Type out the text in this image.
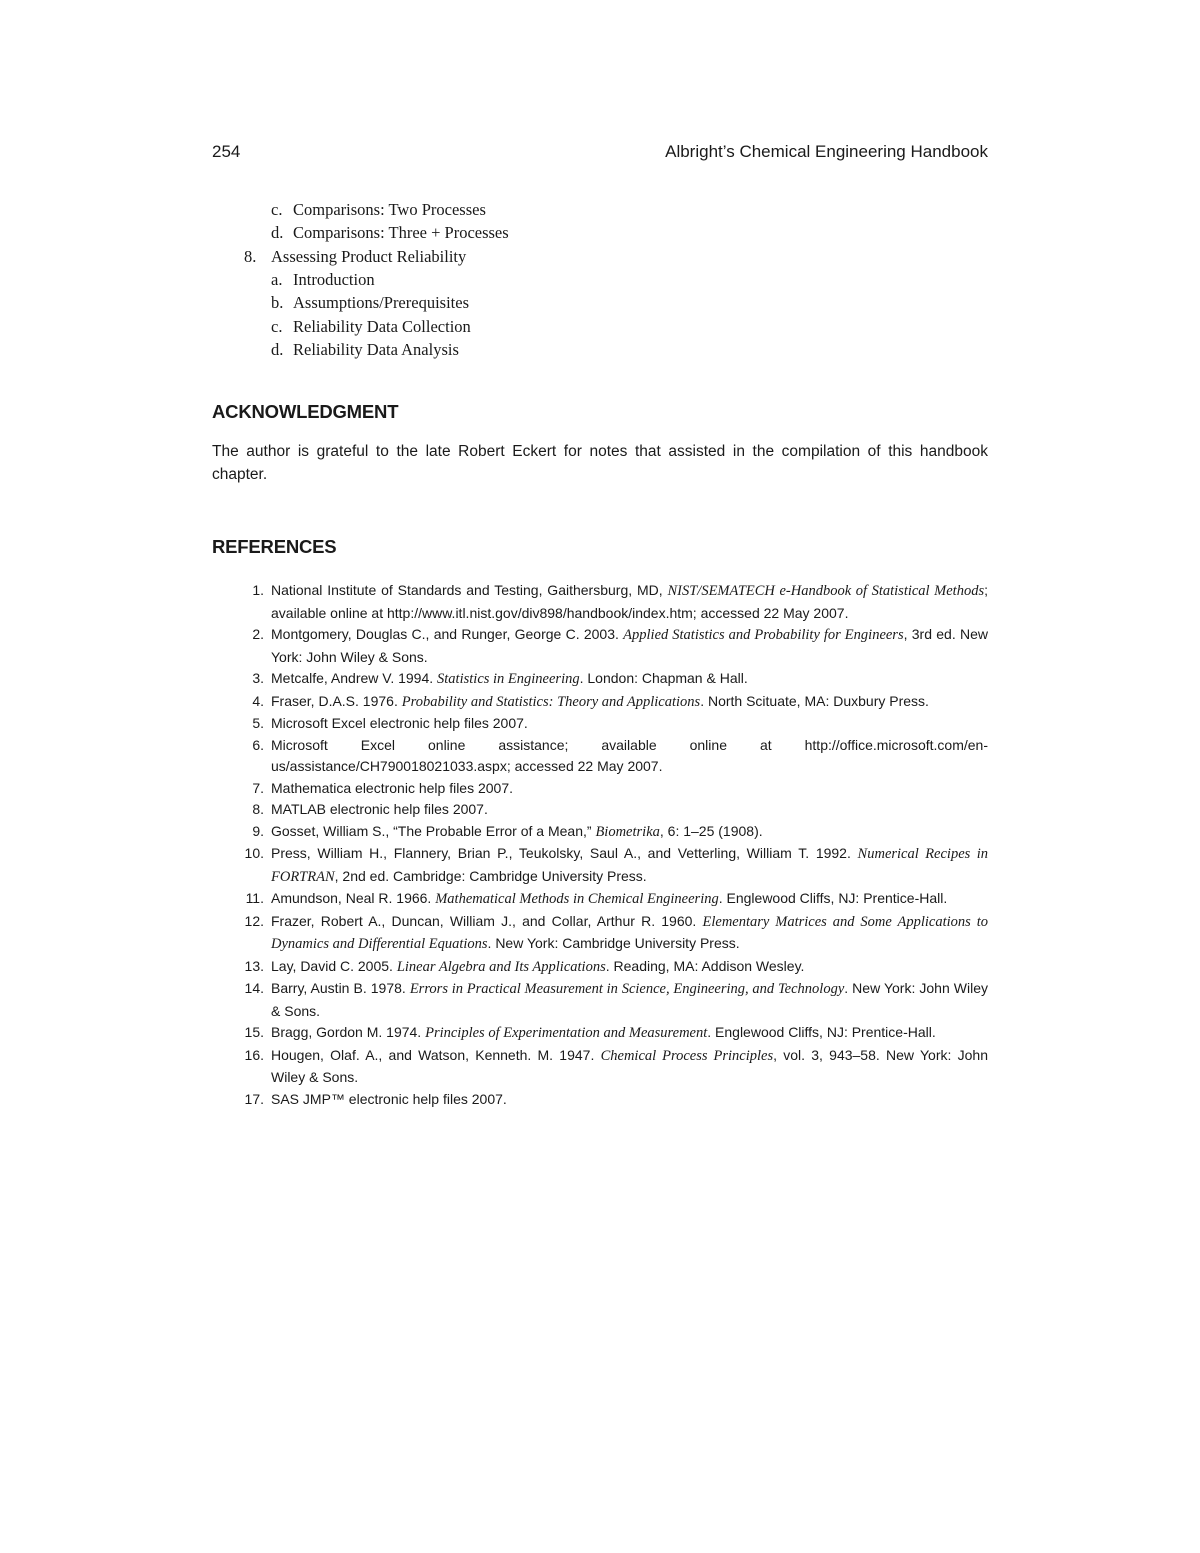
254	Albright’s Chemical Engineering Handbook
c. Comparisons: Two Processes
d. Comparisons: Three + Processes
8. Assessing Product Reliability
a. Introduction
b. Assumptions/Prerequisites
c. Reliability Data Collection
d. Reliability Data Analysis
ACKNOWLEDGMENT

The author is grateful to the late Robert Eckert for notes that assisted in the compilation of this handbook chapter.

REFERENCES
1. National Institute of Standards and Testing, Gaithersburg, MD, NIST/SEMATECH e-Handbook of Statistical Methods; available online at http://www.itl.nist.gov/div898/handbook/index.htm; accessed 22 May 2007.
2. Montgomery, Douglas C., and Runger, George C. 2003. Applied Statistics and Probability for Engineers, 3rd ed. New York: John Wiley & Sons.
3. Metcalfe, Andrew V. 1994. Statistics in Engineering. London: Chapman & Hall.
4. Fraser, D.A.S. 1976. Probability and Statistics: Theory and Applications. North Scituate, MA: Duxbury Press.
5. Microsoft Excel electronic help files 2007.
6. Microsoft Excel online assistance; available online at http://office.microsoft.com/en-us/assistance/CH790018021033.aspx; accessed 22 May 2007.
7. Mathematica electronic help files 2007.
8. MATLAB electronic help files 2007.
9. Gosset, William S., “The Probable Error of a Mean,” Biometrika, 6: 1–25 (1908).
10. Press, William H., Flannery, Brian P., Teukolsky, Saul A., and Vetterling, William T. 1992. Numerical Recipes in FORTRAN, 2nd ed. Cambridge: Cambridge University Press.
11. Amundson, Neal R. 1966. Mathematical Methods in Chemical Engineering. Englewood Cliffs, NJ: Prentice-Hall.
12. Frazer, Robert A., Duncan, William J., and Collar, Arthur R. 1960. Elementary Matrices and Some Applications to Dynamics and Differential Equations. New York: Cambridge University Press.
13. Lay, David C. 2005. Linear Algebra and Its Applications. Reading, MA: Addison Wesley.
14. Barry, Austin B. 1978. Errors in Practical Measurement in Science, Engineering, and Technology. New York: John Wiley & Sons.
15. Bragg, Gordon M. 1974. Principles of Experimentation and Measurement. Englewood Cliffs, NJ: Prentice-Hall.
16. Hougen, Olaf. A., and Watson, Kenneth. M. 1947. Chemical Process Principles, vol. 3, 943–58. New York: John Wiley & Sons.
17. SAS JMP™ electronic help files 2007.
